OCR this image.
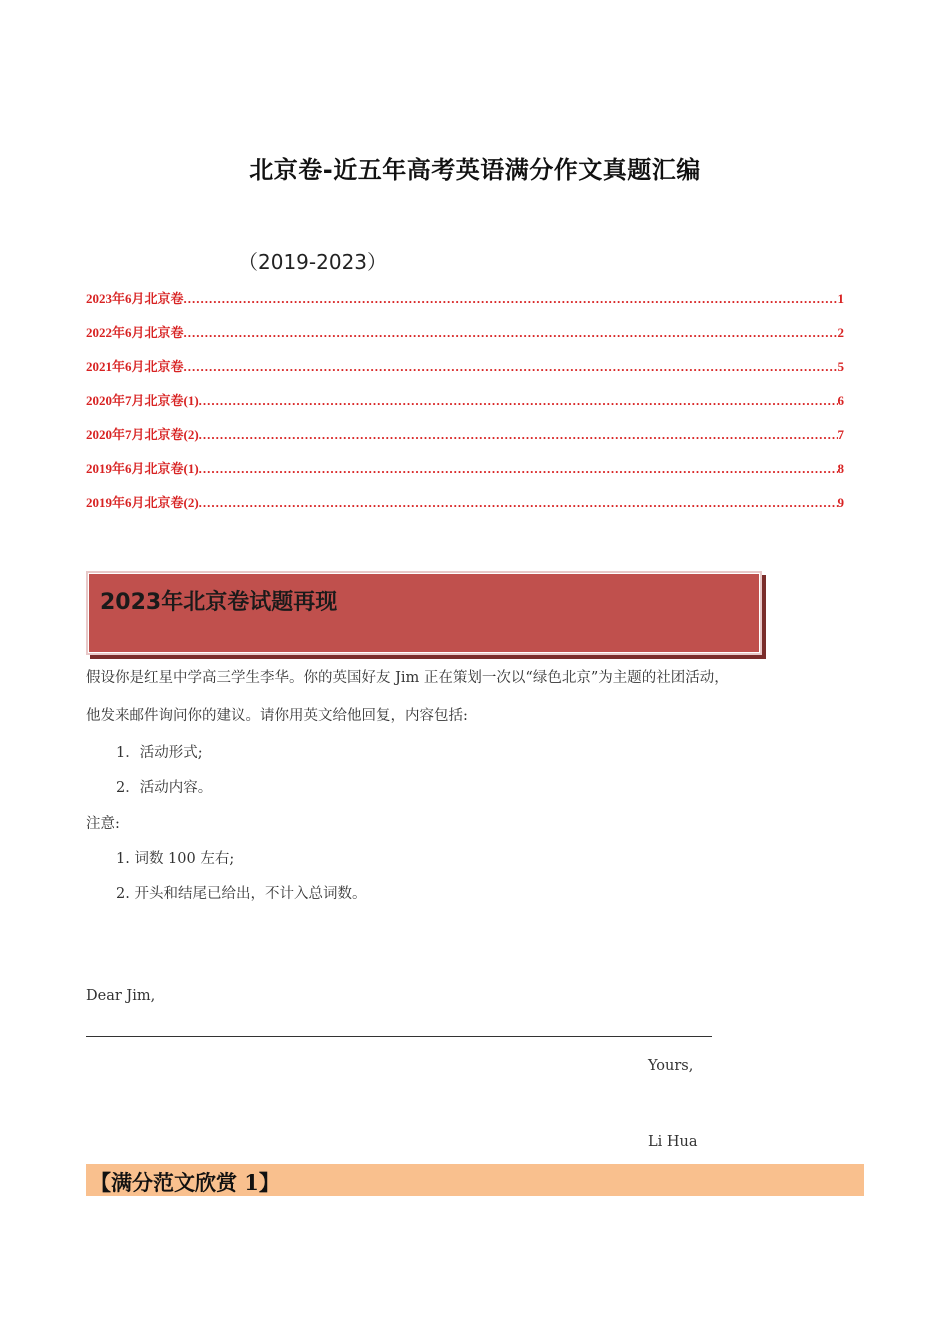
北京卷-近五年高考英语满分作文真题汇编
（2019-2023）
2023年6月北京卷 .....	1
2022年6月北京卷 .....	2
2021年6月北京卷 .....	5
2020年7月北京卷(1) .....	6
2020年7月北京卷(2) .....	7
2019年6月北京卷(1) .....	8
2019年6月北京卷(2) .....	9
2023年北京卷试题再现
假设你是红星中学高三学生李华。你的英国好友 Jim 正在策划一次以“绿色北京”为主题的社团活动，
他发来邮件询问你的建议。请你用英文给他回复，内容包括:
1．活动形式;
2．活动内容。
注意:
1. 词数 100 左右;
2. 开头和结尾已给出，不计入总词数。
Dear Jim,
Yours,
Li Hua
【满分范文欣赏 1】
